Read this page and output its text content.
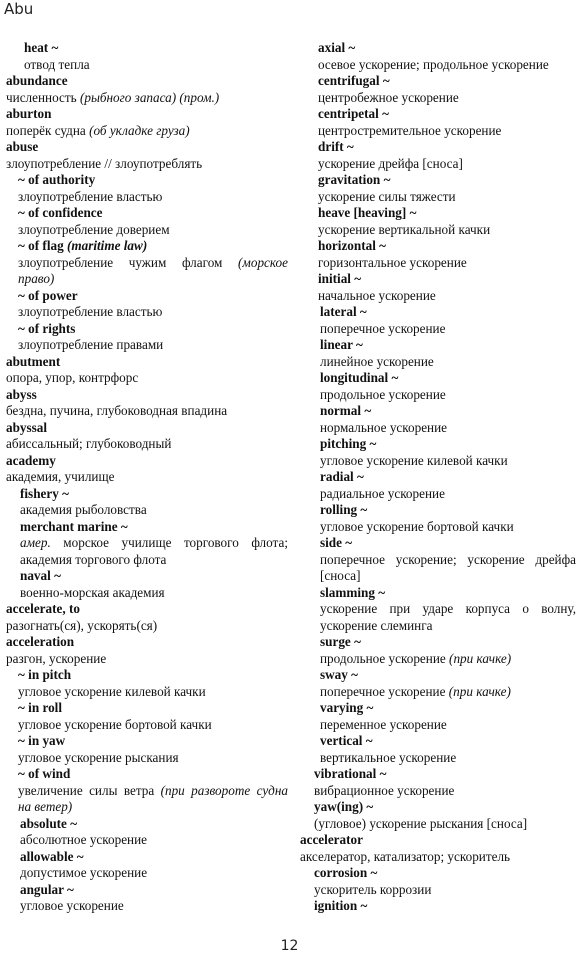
Abu
heat ~
отвод тепла
abundance
численность (рыбного запаса) (пром.)
aburton
поперёк судна (об укладке груза)
abuse
злоупотребление // злоупотреблять
~ of authority
злоупотребление властью
~ of confidence
злоупотребление доверием
~ of flag (maritime law)
злоупотребление чужим флагом (морское право)
~ of power
злоупотребление властью
~ of rights
злоупотребление правами
abutment
опора, упор, контрфорс
abyss
бездна, пучина, глубоководная впадина
abyssal
абиссальный; глубоководный
academy
академия, училище
fishery ~
академия рыболовства
merchant marine ~
амер. морское училище торгового флота; академия торгового флота
naval ~
военно-морская академия
accelerate, to
разогнать(ся), ускорять(ся)
acceleration
разгон, ускорение
~ in pitch
угловое ускорение килевой качки
~ in roll
угловое ускорение бортовой качки
~ in yaw
угловое ускорение рыскания
~ of wind
увеличение силы ветра (при развороте судна на ветер)
absolute ~
абсолютное ускорение
allowable ~
допустимое ускорение
angular ~
угловое ускорение
axial ~
осевое ускорение; продольное ускорение
centrifugal ~
центробежное ускорение
centripetal ~
центростремительное ускорение
drift ~
ускорение дрейфа [сноса]
gravitation ~
ускорение силы тяжести
heave [heaving] ~
ускорение вертикальной качки
horizontal ~
горизонтальное ускорение
initial ~
начальное ускорение
lateral ~
поперечное ускорение
linear ~
линейное ускорение
longitudinal ~
продольное ускорение
normal ~
нормальное ускорение
pitching ~
угловое ускорение килевой качки
radial ~
радиальное ускорение
rolling ~
угловое ускорение бортовой качки
side ~
поперечное ускорение; ускорение дрейфа [сноса]
slamming ~
ускорение при ударе корпуса о волну, ускорение слеминга
surge ~
продольное ускорение (при качке)
sway ~
поперечное ускорение (при качке)
varying ~
переменное ускорение
vertical ~
вертикальное ускорение
vibrational ~
вибрационное ускорение
yaw(ing) ~
(угловое) ускорение рыскания [сноса]
accelerator
акселератор, катализатор; ускоритель
corrosion ~
ускоритель коррозии
ignition ~
12
